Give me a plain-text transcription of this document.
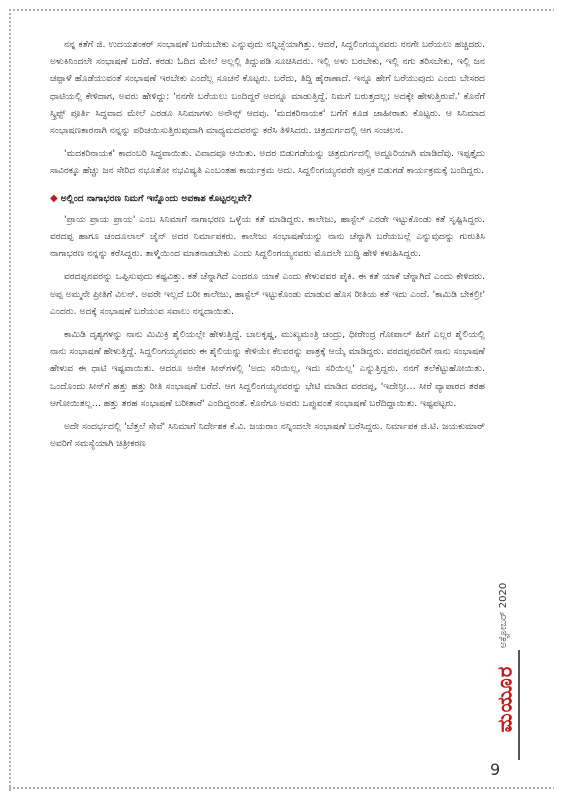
ನನ್ನ ಕತೆಗೆ ಜಿ. ಉದಯಶಂಕರ್ ಸಂಭಾಷಣೆ ಬರೆಯಬೇಕು ಎನ್ನುವುದು ನನ್ನಿಚ್ಛೆಯಾಗಿತ್ತು. ಆದರೆ, ಸಿದ್ದಲಿಂಗಯ್ಯನವರು ನನಗೇ ಬರೆಯಲು ಹಚ್ಚಿದರು. ಅಳುಕಿನಿಂದಲೇ ಸಂಭಾಷಣೆ ಬರೆದೆ. ಕರಡು ಓದಿದ ಮೇಲೆ ಅಲ್ಲಲ್ಲಿ ತಿದ್ದುಪಡಿ ಸೂಚಿಸಿದರು. ಇಲ್ಲಿ ಅಳು ಬರಬೇಕು, ಇಲ್ಲಿ ನಗು ತರಿಸಬೇಕು, ಇಲ್ಲಿ ಜನ ಚಪ್ಪಾಳೆ ಹೊಡೆಯುವಂತೆ ಸಂಭಾಷಣೆ ಇರಬೇಕು ಎಂದೆಲ್ಲ ಸೂಚನೆ ಕೊಟ್ಟರು. ಬರೆದು, ತಿದ್ದಿ ಹೈರಾಣಾದೆ. ಇನ್ನೂ ಹೇಗೆ ಬರೆಯುವುದು ಎಂದು ಬೇಸರದ ಧಾಟಿಯಲ್ಲಿ ಕೇಳಿದಾಗ, ಅವರು ಹೇಳಿದ್ದು: 'ನನಗೇ ಬರೆಯಲು ಬಂದಿದ್ದರೆ ಅದನ್ನೂ ಮಾಡುತ್ತಿದ್ದೆ. ನಿಮಗೆ ಬರುತ್ತದಲ್ಲ; ಅದಕ್ಕೇ ಹೇಳುತ್ತಿರುವೆ.' ಕೊನೆಗೆ ಸ್ಕ್ರಿಪ್ಟ್ ಪೂರ್ತಿ ಸಿದ್ಧವಾದ ಮೇಲೆ ಎರಡೂ ಸಿನಿಮಾಗಳು ಅನೌನ್ಸ್ ಆದವು. 'ಮದಕರಿನಾಯಕ' ಬಗೆಗೆ ಕೂಡ ಜಾಹೀರಾತು ಕೊಟ್ಟರು. ಆ ಸಿನಿಮಾದ ಸಂಭಾಷಣಕಾರನಾಗಿ ನನ್ನನ್ನು ಪರಿಚಯಿಸುತ್ತಿರುವುದಾಗಿ ಮಾಧ್ಯಮದವರನ್ನು ಕರೆಸಿ ತಿಳಿಸಿದರು. ಚಿತ್ರದುರ್ಗದಲ್ಲಿ ಆಗ ಸಂಚಲನ.

'ಮದಕರಿನಾಯಕ' ಕಾದಂಬರಿ ಸಿದ್ಧವಾಯಿತು. ವಿವಾದವೂ ಆಯಿತು. ಅದರ ಬಿಡುಗಡೆಯನ್ನು ಚಿತ್ರದುರ್ಗದಲ್ಲಿ ಅದ್ದೂರಿಯಾಗಿ ಮಾಡಿದೆವು. ಇಪ್ಪತ್ತೈದು ಸಾವಿರಕ್ಕೂ ಹೆಚ್ಚು ಜನ ಸೇರಿದ ನಭೂತೋ ನಭವಿಷ್ಯತಿ ಎಂಬಂತಹ ಕಾರ್ಯಕ್ರಮ ಅದು. ಸಿದ್ದಲಿಂಗಯ್ಯನವರೇ ಪುಸ್ತಕ ಬಿಡುಗಡೆ ಕಾರ್ಯಕ್ರಮಕ್ಕೆ ಬಂದಿದ್ದರು.

◆ ಅಲ್ಲಿಂದ ನಾಗಾಭರಣ ನಿಮಗೆ ಇನ್ನೊಂದು ಅವಕಾಶ ಕೊಟ್ಟರಲ್ಲವೇ?

'ಪ್ರಾಯ ಪ್ರಾಯ ಪ್ರಾಯ' ಎಂಬ ಸಿನಿಮಾಗೆ ನಾಗಾಭರಣ ಒಳ್ಳೆಯ ಕತೆ ಮಾಡಿದ್ದರು. ಕಾಲೇಜು, ಹಾಸ್ಟೆಲ್ ಎರಡೇ ಇಟ್ಟುಕೊಂಡು ಕತೆ ಸೃಷ್ಟಿಸಿದ್ದರು. ವರದಪ್ಪ ಹಾಗೂ ಚಂದೂಲಾಲ್ ಜೈನ್ ಅದರ ನಿರ್ಮಾಪಕರು. ಕಾಲೇಜು ಸಂಭಾಷಣೆಯನ್ನು ನಾನು ಚೆನ್ನಾಗಿ ಬರೆಯಬಲ್ಲೆ ಎನ್ನುವುದನ್ನು ಗುರುತಿಸಿ ನಾಗಾಭರಣ ನನ್ನನ್ನು ಕರೆಸಿದ್ದರು. ತಾಳ್ಮೆಯಿಂದ ಮಾತನಾಡಬೇಕು ಎಂದು ಸಿದ್ದಲಿಂಗಯ್ಯನವರು ಮೊದಲೇ ಬುದ್ಧಿ ಹೇಳಿ ಕಳುಹಿಸಿದ್ದರು.

ವರದಪ್ಪನವರನ್ನು ಒಪ್ಪಿಸುವುದು ಕಷ್ಟವಿತ್ತು. ಕತೆ ಚೆನ್ನಾಗಿದೆ ಎಂದರೂ ಯಾಕೆ ಎಂದು ಕೇಳುವವರ ಪೈಕಿ. ಈ ಕತೆ ಯಾಕೆ ಚೆನ್ನಾಗಿದೆ ಎಂದು ಕೇಳಿದರು. ಅಪ್ಪ ಅಮ್ಮನೇ ಪ್ರೀತಿಗೆ ವಿಲನ್. ಅವರೇ ಇಲ್ಲದೆ ಬರೀ ಕಾಲೇಜು, ಹಾಸ್ಟೆಲ್ ಇಟ್ಟುಕೊಂಡು ಮಾಡುವ ಹೊಸ ರೀತಿಯ ಕತೆ ಇದು ಎಂದೆ. 'ಕಾಮಿಡಿ ಬೇಕಲ್ರೀ' ಎಂದರು. ಅದಕ್ಕೆ ಸಂಭಾಷಣೆ ಬರೆಯುವ ಸವಾಲು ನನ್ನದಾಯಿತು.

ಕಾಮಿಡಿ ದೃಶ್ಯಗಳನ್ನು ನಾನು ಮಿಮಿಕ್ರಿ ಶೈಲಿಯಲ್ಲೇ ಹೇಳುತ್ತಿದ್ದೆ. ಬಾಲಕೃಷ್ಣ, ಮುಖ್ಯಮಂತ್ರಿ ಚಂದ್ರು, ಧೀರೇಂದ್ರ ಗೋಪಾಲ್ ಹೀಗೆ ಎಲ್ಲರ ಶೈಲಿಯಲ್ಲಿ ನಾನು ಸಂಭಾಷಣೆ ಹೇಳುತ್ತಿದ್ದೆ. ಸಿದ್ದಲಿಂಗಯ್ಯನವರು ಈ ಶೈಲಿಯನ್ನು ಕೇಳಿಯೇ ಕೆಲವರನ್ನು ಪಾತ್ರಕ್ಕೆ ಆಯ್ಕೆ ಮಾಡಿದ್ದರು. ವರದಪ್ಪನವರಿಗೆ ನಾನು ಸಂಭಾಷಣೆ ಹೇಳುವ ಈ ಧಾಟಿ ಇಷ್ಟವಾಯಿತು. ಆದರೂ ಅನೇಕ ಸೀನ್‌ಗಳಲ್ಲಿ 'ಅದು ಸರಿಯಿಲ್ಲ, ಇದು ಸರಿಯಿಲ್ಲ' ಎನ್ನುತ್ತಿದ್ದರು. ನನಗೆ ತಲೆಕೆಟ್ಟುಹೋಯಿತು. ಒಂದೊಂದು ಸೀನ್‌ಗೆ ಹತ್ತು ಹತ್ತು ರೀತಿ ಸಂಭಾಷಣೆ ಬರೆದೆ. ಆಗ ಸಿದ್ದಲಿಂಗಯ್ಯನವರನ್ನು ಭೇಟಿ ಮಾಡಿದ ವರದಪ್ಪ, 'ಇದೇನ್ರೀ… ಸೀರೆ ವ್ಯಾಪಾರದ ತರಹ ಆಗೋಯಿತಲ್ಲ… ಹತ್ತು ತರಹ ಸಂಭಾಷಣೆ ಬರೀತಾರೆ' ಎಂದಿದ್ದರಂತೆ. ಕೊನೆಗೂ ಅವರು ಒಪ್ಪುವಂತೆ ಸಂಭಾಷಣೆ ಬರೆದಿದ್ದಾಯಿತು. ಇಷ್ಟಪಟ್ಟರು.

ಅದೇ ಸಂದರ್ಭದಲ್ಲಿ 'ಬೆತ್ತಲೆ ಸೇವೆ' ಸಿನಿಮಾಗೆ ನಿರ್ದೇಶಕ ಕೆ.ವಿ. ಜಯರಾಂ ನನ್ನಿಂದಲೇ ಸಂಭಾಷಣೆ ಬರೆಸಿದ್ದರು. ನಿರ್ಮಾಪಕ ಜಿ.ಟಿ. ಜಯಕುಮಾರ್ ಅವರಿಗೆ ಸಮಸ್ಯೆಯಾಗಿ ಚಿತ್ರೀಕರಣ

ಅಕ್ಟೋಬರ್ 2020
ಮಯೂರ
9
